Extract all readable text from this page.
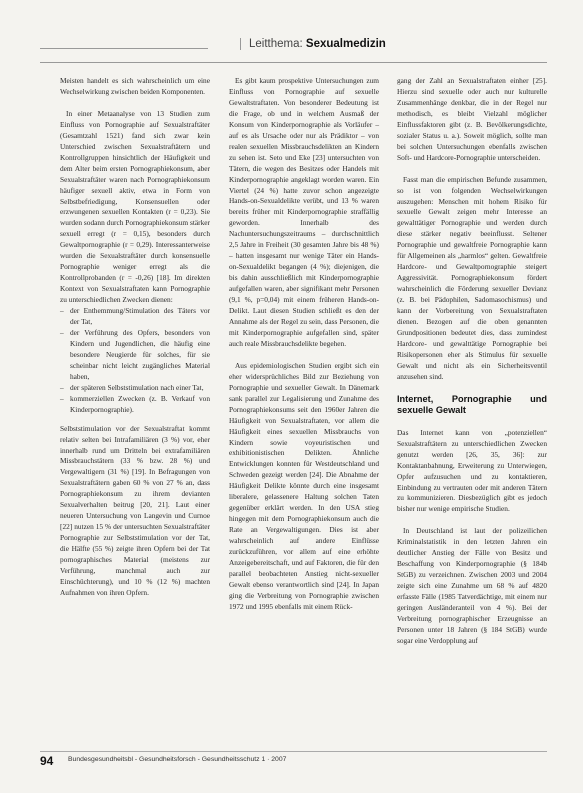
Leitthema: Sexualmedizin

Meisten handelt es sich wahrscheinlich um eine Wechselwirkung zwischen beiden Komponenten.

In einer Metaanalyse von 13 Studien zum Einfluss von Pornographie auf Sexualstraftäter (Gesamtzahl 1521) fand sich zwar kein Unterschied zwischen Sexualstraftätern und Kontrollgruppen hinsichtlich der Häufigkeit und dem Alter beim ersten Pornographiekonsum, aber Sexualstraftäter waren nach Pornographiekonsum häufiger sexuell aktiv, etwa in Form von Selbstbefriedigung, Konsensuellen oder erzwungenen sexuellen Kontakten (r = 0,23). Sie wurden sodann durch Pornographiekonsum stärker sexuell erregt (r = 0,15), besonders durch Gewaltpornographie (r = 0,29). Interessanterweise wurden die Sexualstraftäter durch konsensuelle Pornographie weniger erregt als die Kontrollprobanden (r = -0,26) [18]. Im direkten Kontext von Sexualstraftaten kann Pornographie zu unterschiedlichen Zwecken dienen:

– der Enthemmung/Stimulation des Täters vor der Tat,
– der Verführung des Opfers, besonders von Kindern und Jugendlichen, die häufig eine besondere Neugierde für solches, für sie scheinbar nicht leicht zugängliches Material haben,
– der späteren Selbststimulation nach einer Tat,
– kommerziellen Zwecken (z. B. Verkauf von Kinderpornographie).

Selbststimulation vor der Sexualstraftat kommt relativ selten bei Intrafamiliären (3 %) vor, eher innerhalb rund um Dritteln bei extrafamiliären Missbrauchstätern (33 % bzw. 28 %) und Vergewaltigern (31 %) [19]. In Befragungen von Sexualstraftätern gaben 60 % von 27 % an, dass Pornographiekonsum zu ihrem devianten Sexualverhalten beitrug [20, 21]. Laut einer neueren Untersuchung von Langevin und Curnoe [22] nutzen 15 % der untersuchten Sexualstraftäter Pornographie zur Selbststimulation vor der Tat, die Hälfte (55 %) zeigte ihren Opfern bei der Tat pornographisches Material (meistens zur Verführung, manchmal auch zur Einschüchterung), und 10 % (12 %) machten Aufnahmen von ihren Opfern.

Es gibt kaum prospektive Untersuchungen zum Einfluss von Pornographie auf sexuelle Gewaltstraftaten. Von besonderer Bedeutung ist die Frage, ob und in welchem Ausmaß der Konsum von Kinderpornographie als Vorläufer – auf es als Ursache oder nur als Prädiktor – von realen sexuellen Missbrauchsdelikten an Kindern zu sehen ist. Seto und Eke [23] untersuchten von Tätern, die wegen des Besitzes oder Handels mit Kinderpornographie angeklagt worden waren. Ein Viertel (24 %) hatte zuvor schon angezeigte Hands-on-Sexualdelikte verübt, und 13 % waren bereits früher mit Kinderpornographie straffällig geworden. Innerhalb des Nachuntersuchungszeitraums – durchschnittlich 2,5 Jahre in Freiheit (30 gesamten Jahre bis 48 %) – hatten insgesamt nur wenige Täter ein Hands-on-Sexualdelikt begangen (4 %); diejenigen, die bis dahin ausschließlich mit Kinderpornographie aufgefallen waren, aber signifikant mehr Personen (9,1 %, p=0,04) mit einem früheren Hands-on-Delikt. Laut diesen Studien schließt es den der Annahme als der Regel zu sein, dass Personen, die mit Kinderpornographie aufgefallen sind, später auch reale Missbrauchsdelikte begehen.

Aus epidemiologischen Studien ergibt sich ein eher widersprüchliches Bild zur Beziehung von Pornographie und sexueller Gewalt. In Dänemark sank parallel zur Legalisierung und Zunahme des Pornographiekonsums seit den 1960er Jahren die Häufigkeit von Sexualstraftaten, vor allem die Häufigkeit eines sexuellen Missbrauchs von Kindern sowie voyeuristischen und exhibitionistischen Delikten. Ähnliche Entwicklungen konnten für Westdeutschland und Schweden gezeigt werden [24]. Die Abnahme der Häufigkeit Delikte könnte durch eine insgesamt liberalere, gelassenere Haltung solchen Taten gegenüber erklärt werden. In den USA stieg hingegen mit dem Pornographiekonsum auch die Rate an Vergewaltigungen. Dies ist aber wahrscheinlich auf andere Einflüsse zurückzuführen, vor allem auf eine erhöhte Anzeigebereitschaft, und auf Faktoren, die für den parallel beobachteten Anstieg nicht-sexueller Gewalt ebenso verantwortlich sind [24]. In Japan ging die Verbreitung von Pornographie zwischen 1972 und 1995 ebenfalls mit einem Rück-

gang der Zahl an Sexualstraftaten einher [25]. Hierzu sind sexuelle oder auch nur kulturelle Zusammenhänge denkbar, die in der Regel nur methodisch, es bleibt Vielzahl möglicher Einflussfaktoren gibt (z. B. Bevölkerungsdichte, sozialer Status u. a.). Soweit möglich, sollte man bei solchen Untersuchungen ebenfalls zwischen Soft- und Hardcore-Pornographie unterscheiden.

Fasst man die empirischen Befunde zusammen, so ist von folgenden Wechselwirkungen auszugehen: Menschen mit hohem Risiko für sexuelle Gewalt zeigen mehr Interesse an gewalttätiger Pornographie und werden durch diese stärker negativ beeinflusst. Seltener Pornographie und gewaltfreie Pornographie kann für Allgemeinen als „harmlos“ gelten. Gewaltfreie Hardcore- und Gewaltpornographie steigert Aggressivität. Pornographiekonsum fördert wahrscheinlich die Förderung sexueller Devianz (z. B. bei Pädophilen, Sadomasochismus) und kann der Vorbereitung von Sexualstraftaten dienen. Bezogen auf die oben genannten Grundpositionen bedeutet dies, dass zumindest Hardcore- und gewalttätige Pornographie bei Risikopersonen eher als Stimulus für sexuelle Gewalt und nicht als ein Sicherheitsventil anzusehen sind.

Internet, Pornographie und sexuelle Gewalt

Das Internet kann von „potenziellen“ Sexualstraftätern zu unterschiedlichen Zwecken genutzt werden [26, 35, 36]: zur Kontaktanbahnung, Erweiterung zu Unterwiegen, Opfer aufzusuchen und zu kontaktieren, Einbindung zu vertrauten oder mit anderen Tätern zu kommunizieren. Diesbezüglich gibt es jedoch bisher nur wenige empirische Studien.

In Deutschland ist laut der polizeilichen Kriminalstatistik in den letzten Jahren ein deutlicher Anstieg der Fälle von Besitz und Beschaffung von Kinderpornographie (§ 184b StGB) zu verzeichnen. Zwischen 2003 und 2004 zeigte sich eine Zunahme um 68 % auf 4820 erfasste Fälle (1985 Tatverdächtige, mit einem nur geringen Ausländeranteil von 4 %). Bei der Verbreitung pornographischer Erzeugnisse an Personen unter 18 Jahren (§ 184 StGB) wurde sogar eine Verdopplung auf

94 Bundesgesundheitsbl - Gesundheitsforsch - Gesundheitsschutz 1 · 2007
